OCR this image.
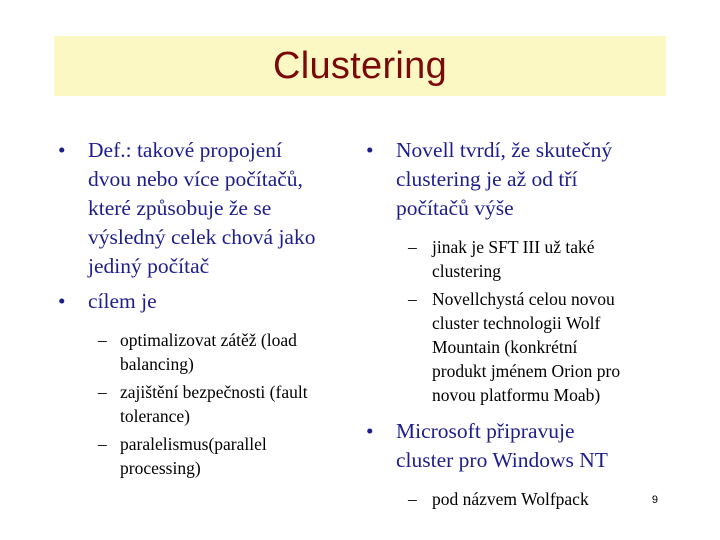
Clustering
• Def.: takové propojení
dvou nebo více počítačů,
které způsobuje že se
výsledný celek chová jako
jediný počítač
• cílem je
– optimalizovat zátěž (load
balancing)
– zajištění bezpečnosti (fault
tolerance)
– paralelismus(parallel
processing)
• Novell tvrdí, že skutečný
clustering je až od tří
počítačů výše
– jinak je SFT III už také
clustering
– Novellchystá celou novou
cluster technologii Wolf
Mountain (konkrétní
produkt jménem Orion pro
novou platformu Moab)
• Microsoft připravuje
cluster pro Windows NT
– pod názvem Wolfpack	9
